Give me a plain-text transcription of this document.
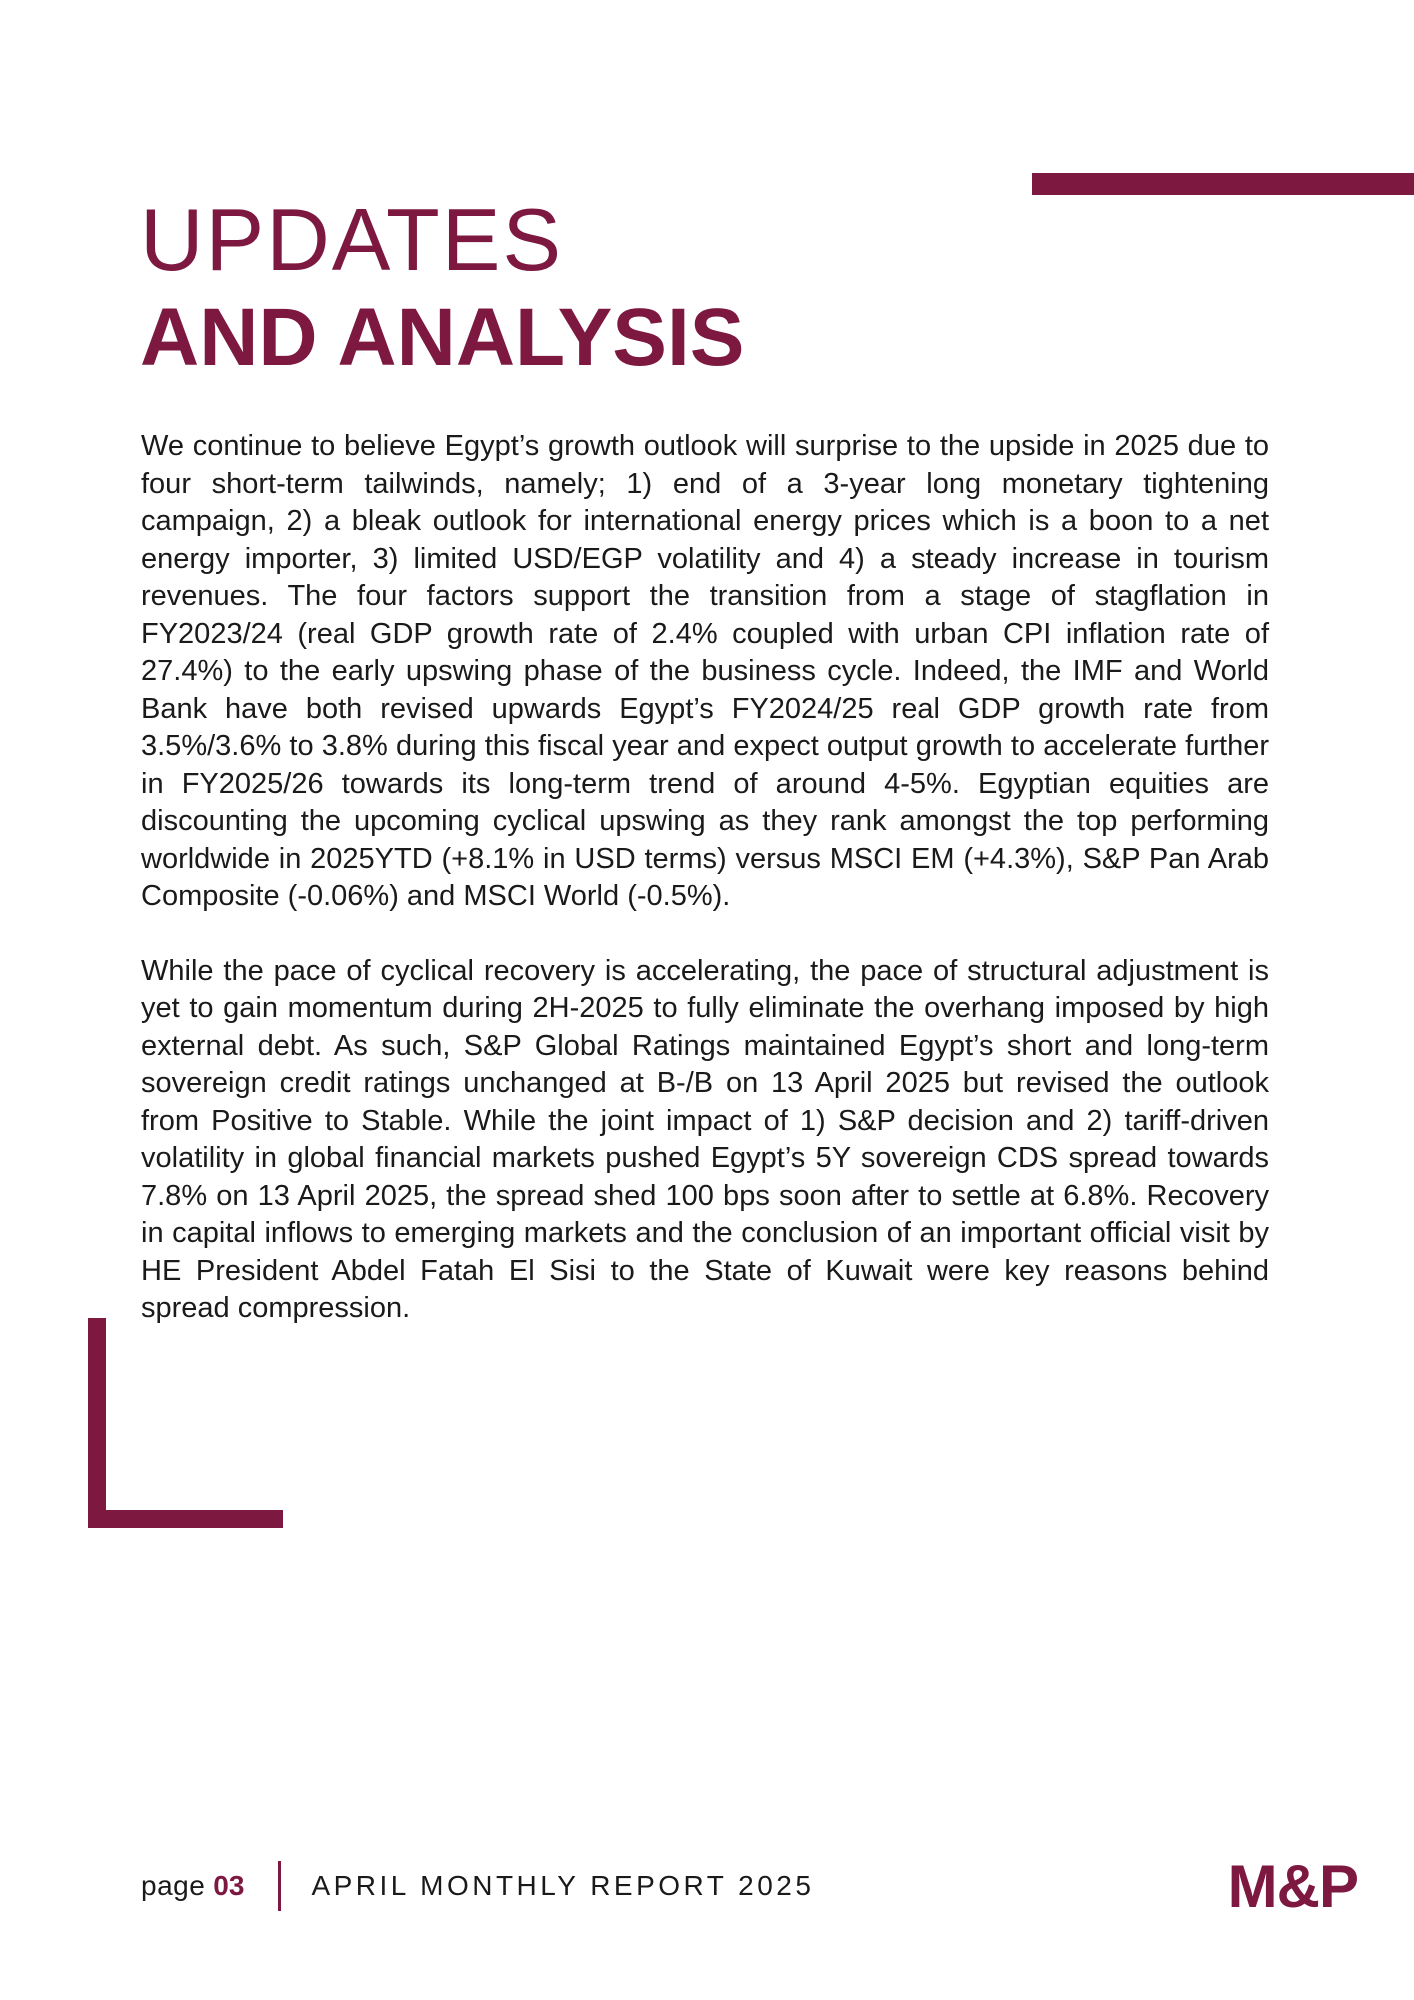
UPDATES
AND ANALYSIS

We continue to believe Egypt’s growth outlook will surprise to the upside in 2025 due to four short-term tailwinds, namely; 1) end of a 3-year long monetary tightening campaign, 2) a bleak outlook for international energy prices which is a boon to a net energy importer, 3) limited USD/EGP volatility and 4) a steady increase in tourism revenues. The four factors support the transition from a stage of stagflation in FY2023/24 (real GDP growth rate of 2.4% coupled with urban CPI inflation rate of 27.4%) to the early upswing phase of the business cycle. Indeed, the IMF and World Bank have both revised upwards Egypt’s FY2024/25 real GDP growth rate from 3.5%/3.6% to 3.8% during this fiscal year and expect output growth to accelerate further in FY2025/26 towards its long-term trend of around 4-5%. Egyptian equities are discounting the upcoming cyclical upswing as they rank amongst the top performing worldwide in 2025YTD (+8.1% in USD terms) versus MSCI EM (+4.3%), S&P Pan Arab Composite (-0.06%) and MSCI World (-0.5%).

While the pace of cyclical recovery is accelerating, the pace of structural adjustment is yet to gain momentum during 2H-2025 to fully eliminate the overhang imposed by high external debt. As such, S&P Global Ratings maintained Egypt’s short and long-term sovereign credit ratings unchanged at B-/B on 13 April 2025 but revised the outlook from Positive to Stable. While the joint impact of 1) S&P decision and 2) tariff-driven volatility in global financial markets pushed Egypt’s 5Y sovereign CDS spread towards 7.8% on 13 April 2025, the spread shed 100 bps soon after to settle at 6.8%. Recovery in capital inflows to emerging markets and the conclusion of an important official visit by HE President Abdel Fatah El Sisi to the State of Kuwait were key reasons behind spread compression.

page 03 APRIL MONTHLY REPORT 2025	M&P
